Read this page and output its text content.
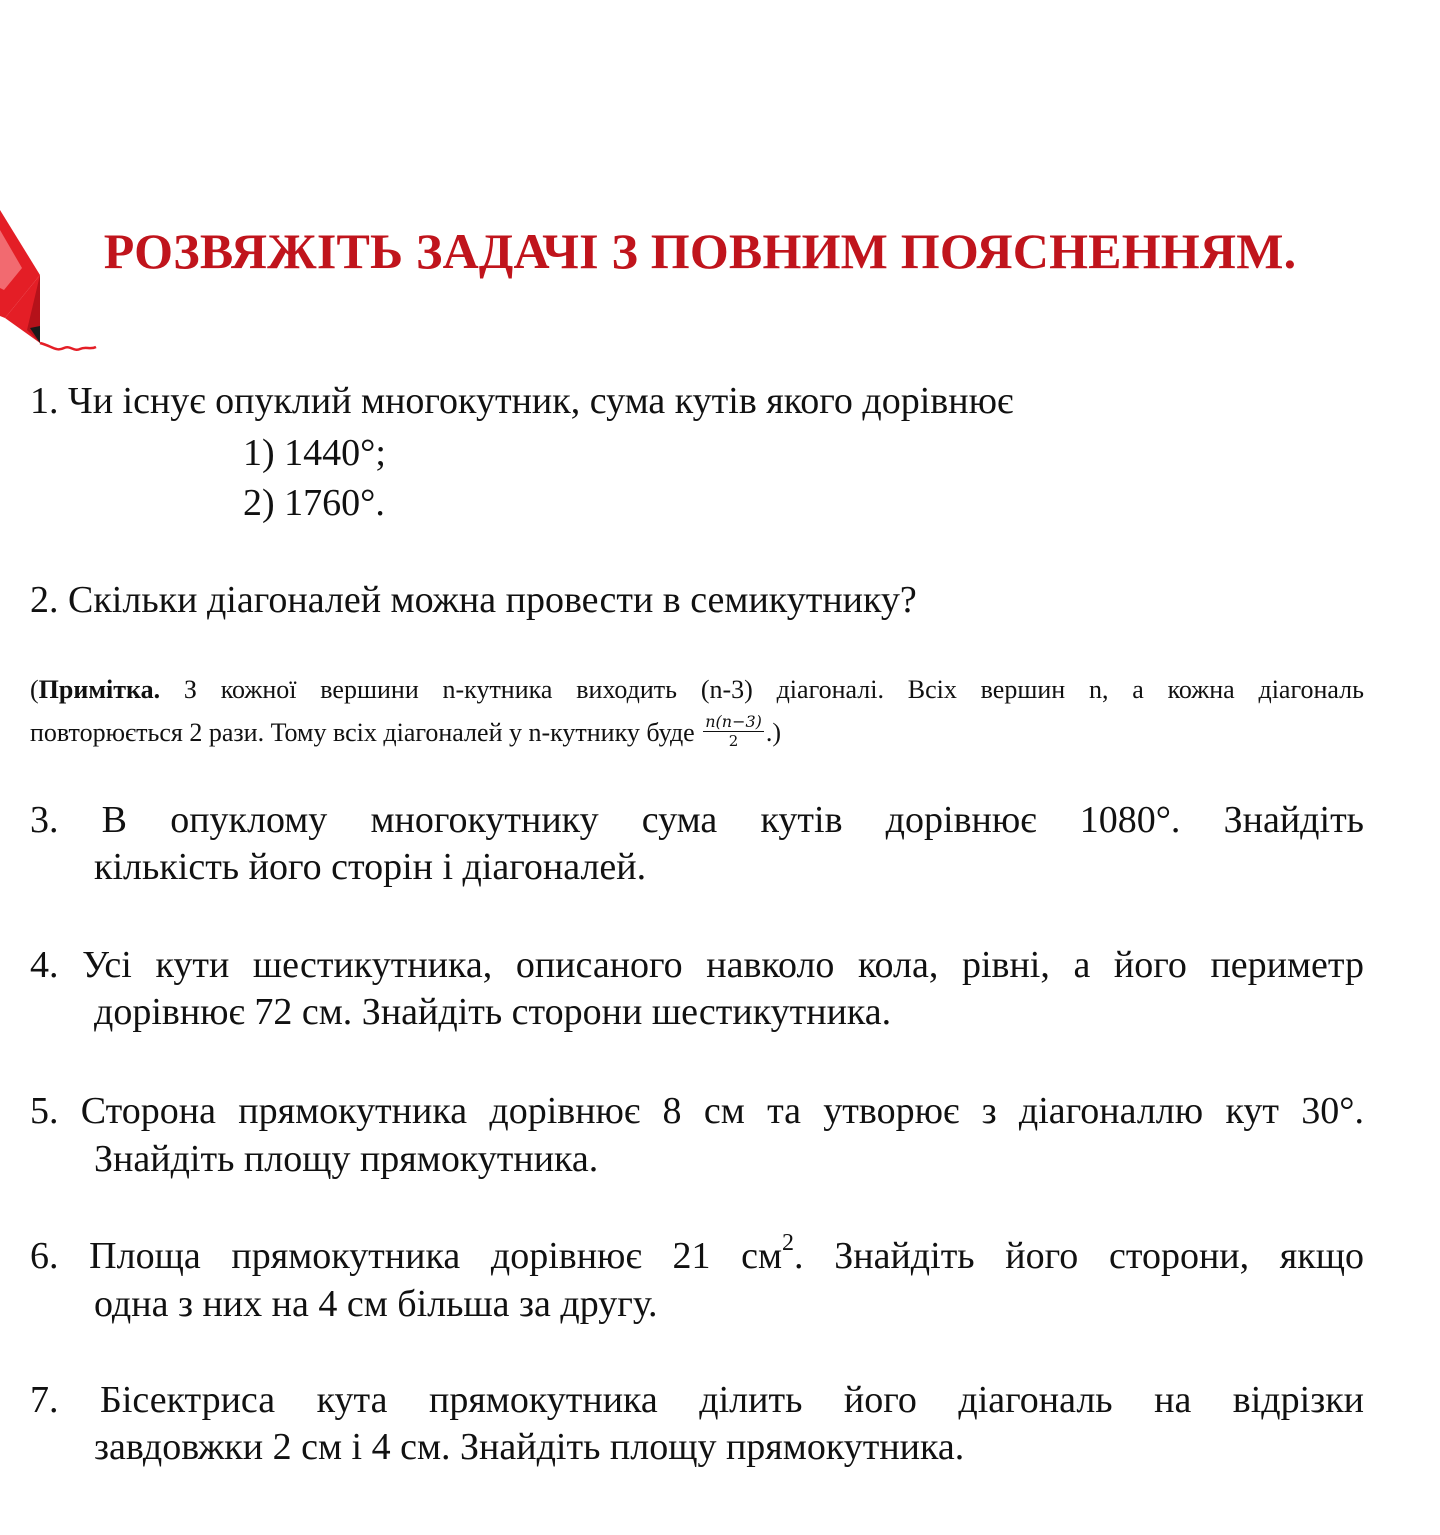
РОЗВЯЖІТЬ ЗАДАЧІ З ПОВНИМ ПОЯСНЕННЯМ.
1. Чи існує опуклий многокутник, сума кутів якого дорівнює
1) 1440°;
2) 1760°.
2. Скільки діагоналей можна провести в семикутнику?
(Примітка. З кожної вершини n-кутника виходить (n-3) діагоналі. Всіх вершин n, а кожна діагональ
повторюється 2 рази. Тому всіх діагоналей у n-кутнику буде $\frac{n(n-3)}{2}$ .)
3. В опуклому многокутнику сума кутів дорівнює 1080°. Знайдіть
кількість його сторін і діагоналей.
4. Усі кути шестикутника, описаного навколо кола, рівні, а його периметр
дорівнює 72 см. Знайдіть сторони шестикутника.
5. Сторона прямокутника дорівнює 8 см та утворює з діагоналлю кут 30°.
Знайдіть площу прямокутника.
6. Площа прямокутника дорівнює 21 $см^2$. Знайдіть його сторони, якщо
одна з них на 4 см більша за другу.
7. Бісектриса кута прямокутника ділить його діагональ на відрізки
завдовжки 2 см і 4 см. Знайдіть площу прямокутника.
